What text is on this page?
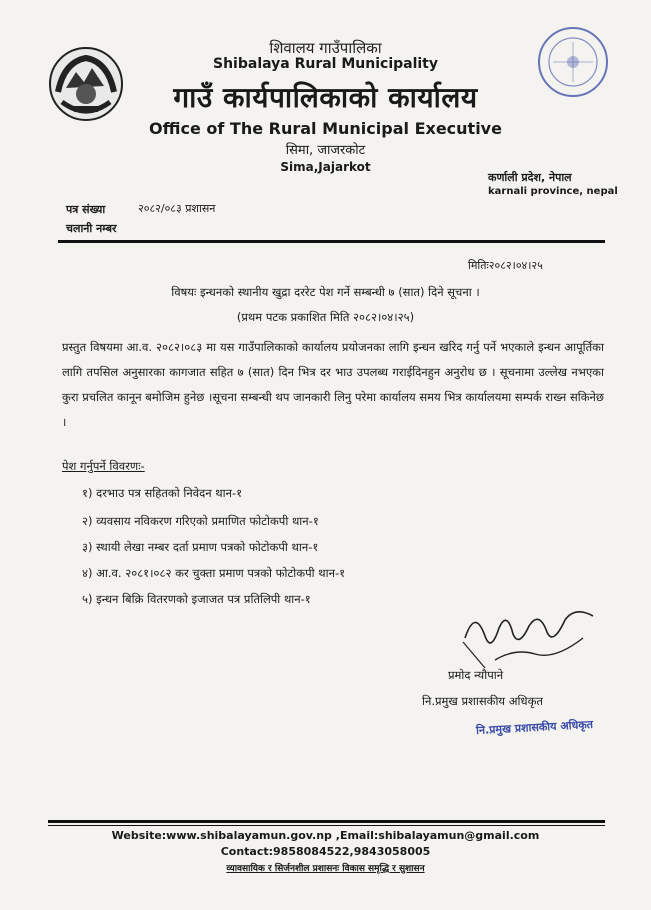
शिवालय गाउँपालिका
Shibalaya Rural Municipality
गाउँ कार्यपालिकाको कार्यालय
Office of The Rural Municipal Executive
सिमा, जाजरकोट
Sima,Jajarkot
कर्णाली प्रदेश, नेपाल
karnali province, nepal
पत्र संख्या	२०८२/०८३ प्रशासन
चलानी नम्बर
मितिः२०८२।०४।२५
विषयः इन्धनको स्थानीय खुद्रा दररेट पेश गर्ने सम्बन्धी ७ (सात) दिने सूचना ।
(प्रथम पटक प्रकाशित मिति २०८२।०४।२५)
प्रस्तुत विषयमा आ.व. २०८२।०८३ मा यस गाउँपालिकाको कार्यालय प्रयोजनका लागि इन्धन खरिद गर्नु पर्ने भएकाले इन्धन आपूर्तिका लागि तपसिल अनुसारका कागजात सहित ७ (सात) दिन भित्र दर भाउ उपलब्ध गराईदिनहुन अनुरोध छ । सूचनामा उल्लेख नभएका कुरा प्रचलित कानून बमोजिम हुनेछ ।सूचना सम्बन्धी थप जानकारी लिनु परेमा कार्यालय समय भित्र कार्यालयमा सम्पर्क राख्न सकिनेछ ।
पेश गर्नुपर्ने विवरणः-
१) दरभाउ पत्र सहितको निवेदन थान-१
२) व्यवसाय नविकरण गरिएको प्रमाणित फोटोकपी थान-१
३) स्थायी लेखा नम्बर दर्ता प्रमाण पत्रको फोटोकपी थान-१
४) आ.व. २०८१।०८२ कर चुक्ता प्रमाण पत्रको फोटोकपी थान-१
५) इन्धन बिक्रि वितरणको इजाजत पत्र प्रतिलिपी थान-१
प्रमोद न्यौपाने
नि.प्रमुख प्रशासकीय अधिकृत
नि.प्रमुख प्रशासकीय अधिकृत
Website:www.shibalayamun.gov.np ,Email:shibalayamun@gmail.com
Contact:9858084522,9843058005
व्यावसायिक र सिर्जनशील प्रशासनः विकास समृद्धि र सुशासन
